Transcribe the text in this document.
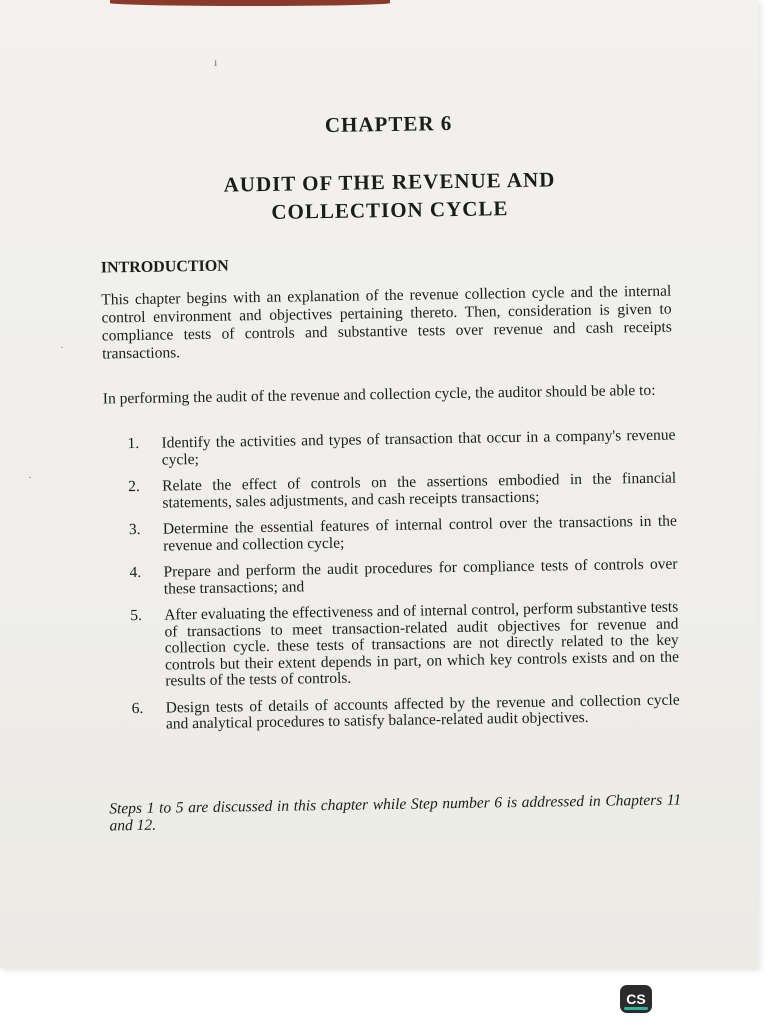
ı
·
·
CHAPTER 6
AUDIT OF THE REVENUE AND
COLLECTION CYCLE
INTRODUCTION
This chapter begins with an explanation of the revenue collection cycle and the internal control environment and objectives pertaining thereto. Then, consideration is given to compliance tests of controls and substantive tests over revenue and cash receipts transactions.
In performing the audit of the revenue and collection cycle, the auditor should be able to:
1.	Identify the activities and types of transaction that occur in a company's revenue cycle;
2.	Relate the effect of controls on the assertions embodied in the financial statements, sales adjustments, and cash receipts transactions;
3.	Determine the essential features of internal control over the transactions in the revenue and collection cycle;
4.	Prepare and perform the audit procedures for compliance tests of controls over these transactions; and
5.	After evaluating the effectiveness and of internal control, perform substantive tests of transactions to meet transaction-related audit objectives for revenue and collection cycle. these tests of transactions are not directly related to the key controls but their extent depends in part, on which key controls exists and on the results of the tests of controls.
6.	Design tests of details of accounts affected by the revenue and collection cycle and analytical procedures to satisfy balance-related audit objectives.
Steps 1 to 5 are discussed in this chapter while Step number 6 is addressed in Chapters 11 and 12.
CS
